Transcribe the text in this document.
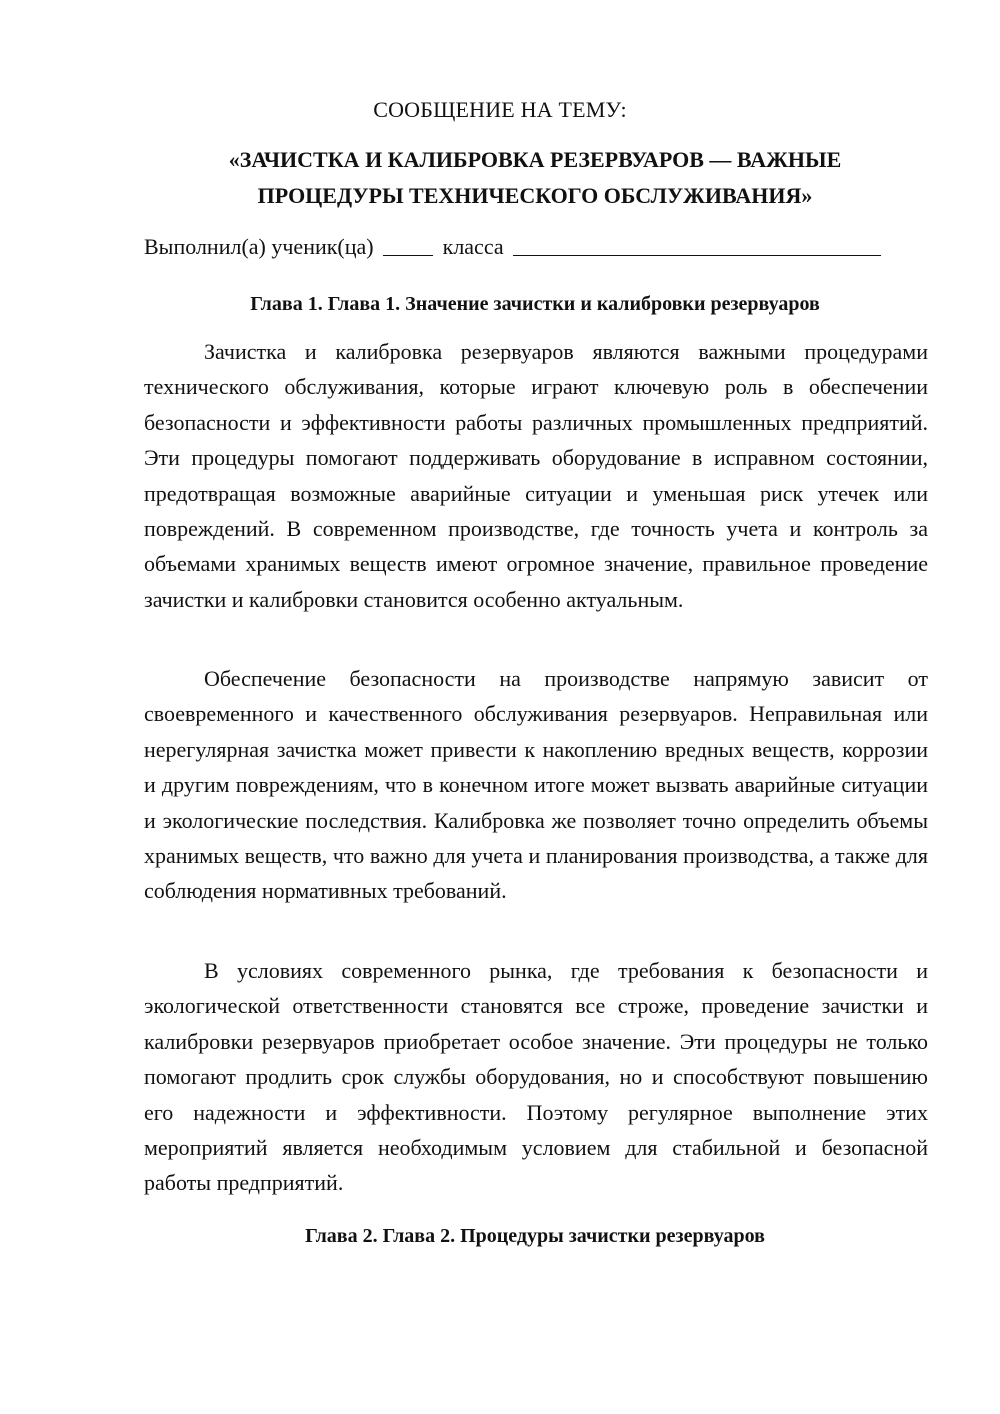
СООБЩЕНИЕ НА ТЕМУ:
«ЗАЧИСТКА И КАЛИБРОВКА РЕЗЕРВУАРОВ — ВАЖНЫЕ
ПРОЦЕДУРЫ ТЕХНИЧЕСКОГО ОБСЛУЖИВАНИЯ»
Выполнил(а) ученик(ца)	класса
Глава 1. Глава 1. Значение зачистки и калибровки резервуаров

Зачистка и калибровка резервуаров являются важными процедурами технического обслуживания, которые играют ключевую роль в обеспечении безопасности и эффективности работы различных промышленных предприятий. Эти процедуры помогают поддерживать оборудование в исправном состоянии, предотвращая возможные аварийные ситуации и уменьшая риск утечек или повреждений. В современном производстве, где точность учета и контроль за объемами хранимых веществ имеют огромное значение, правильное проведение зачистки и калибровки становится особенно актуальным.

Обеспечение безопасности на производстве напрямую зависит от своевременного и качественного обслуживания резервуаров. Неправильная или нерегулярная зачистка может привести к накоплению вредных веществ, коррозии и другим повреждениям, что в конечном итоге может вызвать аварийные ситуации и экологические последствия. Калибровка же позволяет точно определить объемы хранимых веществ, что важно для учета и планирования производства, а также для соблюдения нормативных требований.

В условиях современного рынка, где требования к безопасности и экологической ответственности становятся все строже, проведение зачистки и калибровки резервуаров приобретает особое значение. Эти процедуры не только помогают продлить срок службы оборудования, но и способствуют повышению его надежности и эффективности. Поэтому регулярное выполнение этих мероприятий является необходимым условием для стабильной и безопасной работы предприятий.

Глава 2. Глава 2. Процедуры зачистки резервуаров
